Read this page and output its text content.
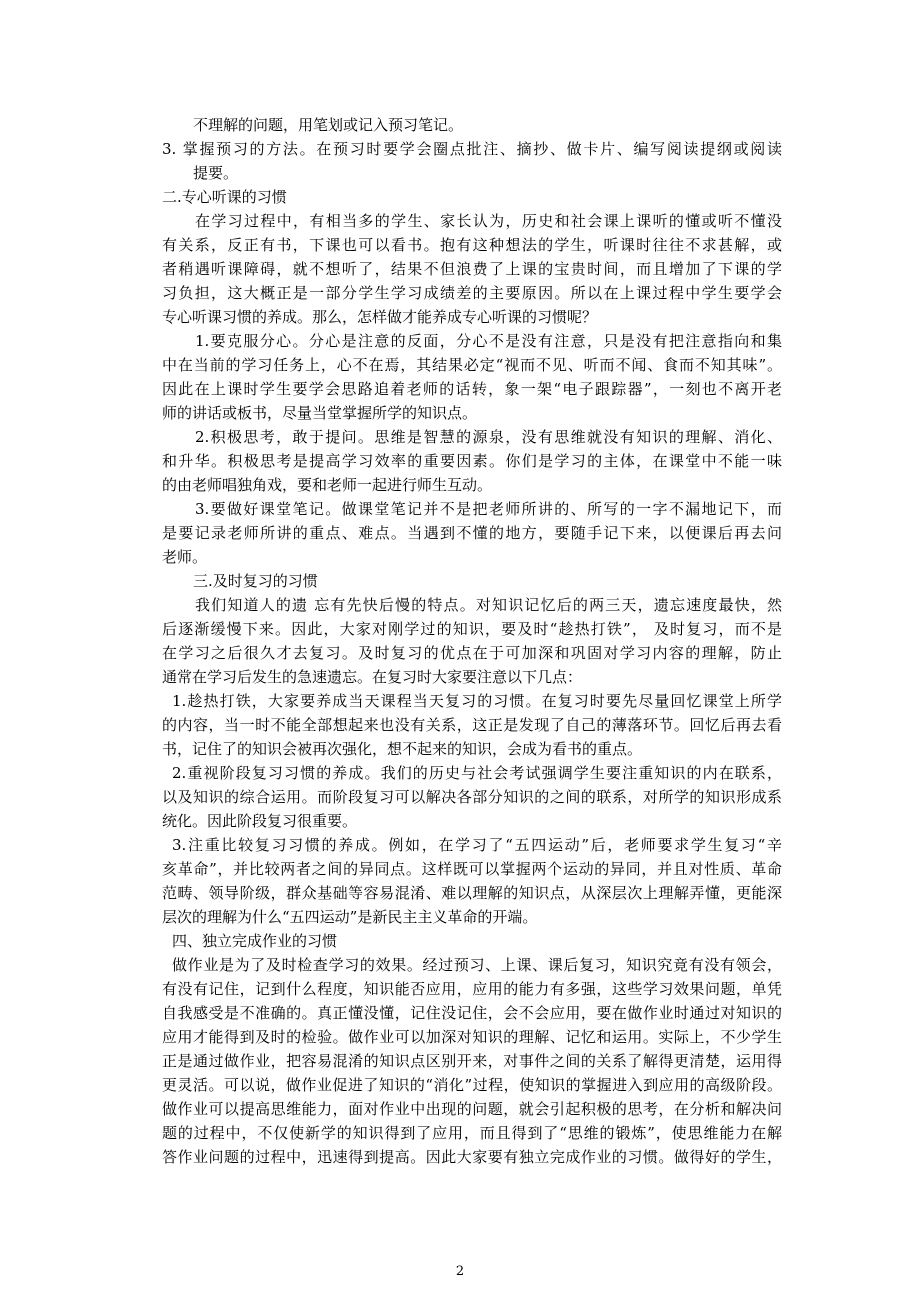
不理解的问题，用笔划或记入预习笔记。
3. 掌握预习的方法。在预习时要学会圈点批注、摘抄、做卡片、编写阅读提纲或阅读
提要。
二.专心听课的习惯
在学习过程中，有相当多的学生、家长认为，历史和社会课上课听的懂或听不懂没
有关系，反正有书，下课也可以看书。抱有这种想法的学生，听课时往往不求甚解，或
者稍遇听课障碍，就不想听了，结果不但浪费了上课的宝贵时间，而且增加了下课的学
习负担，这大概正是一部分学生学习成绩差的主要原因。所以在上课过程中学生要学会
专心听课习惯的养成。那么，怎样做才能养成专心听课的习惯呢？
1.要克服分心。分心是注意的反面，分心不是没有注意，只是没有把注意指向和集
中在当前的学习任务上，心不在焉，其结果必定“视而不见、听而不闻、食而不知其味”。
因此在上课时学生要学会思路追着老师的话转，象一架“电子跟踪器”，一刻也不离开老
师的讲话或板书，尽量当堂掌握所学的知识点。
2.积极思考，敢于提问。思维是智慧的源泉，没有思维就没有知识的理解、消化、
和升华。积极思考是提高学习效率的重要因素。你们是学习的主体，在课堂中不能一味
的由老师唱独角戏，要和老师一起进行师生互动。
3.要做好课堂笔记。做课堂笔记并不是把老师所讲的、所写的一字不漏地记下，而
是要记录老师所讲的重点、难点。当遇到不懂的地方，要随手记下来，以便课后再去问
老师。
三.及时复习的习惯
我们知道人的遗 忘有先快后慢的特点。对知识记忆后的两三天，遗忘速度最快，然
后逐渐缓慢下来。因此，大家对刚学过的知识，要及时“趁热打铁”， 及时复习，而不是
在学习之后很久才去复习。及时复习的优点在于可加深和巩固对学习内容的理解，防止
通常在学习后发生的急速遗忘。在复习时大家要注意以下几点：
1.趁热打铁，大家要养成当天课程当天复习的习惯。在复习时要先尽量回忆课堂上所学
的内容，当一时不能全部想起来也没有关系，这正是发现了自己的薄落环节。回忆后再去看
书，记住了的知识会被再次强化，想不起来的知识，会成为看书的重点。
2.重视阶段复习习惯的养成。我们的历史与社会考试强调学生要注重知识的内在联系，
以及知识的综合运用。而阶段复习可以解决各部分知识的之间的联系，对所学的知识形成系
统化。因此阶段复习很重要。
3.注重比较复习习惯的养成。例如，在学习了“五四运动”后，老师要求学生复习“辛
亥革命”，并比较两者之间的异同点。这样既可以掌握两个运动的异同，并且对性质、革命
范畴、领导阶级，群众基础等容易混淆、难以理解的知识点，从深层次上理解弄懂，更能深
层次的理解为什么“五四运动”是新民主主义革命的开端。
四、独立完成作业的习惯
做作业是为了及时检查学习的效果。经过预习、上课、课后复习，知识究竟有没有领会，
有没有记住，记到什么程度，知识能否应用，应用的能力有多强，这些学习效果问题，单凭
自我感受是不准确的。真正懂没懂，记住没记住，会不会应用，要在做作业时通过对知识的
应用才能得到及时的检验。做作业可以加深对知识的理解、记忆和运用。实际上，不少学生
正是通过做作业，把容易混淆的知识点区别开来，对事件之间的关系了解得更清楚，运用得
更灵活。可以说，做作业促进了知识的“消化”过程，使知识的掌握进入到应用的高级阶段。
做作业可以提高思维能力，面对作业中出现的问题，就会引起积极的思考，在分析和解决问
题的过程中，不仅使新学的知识得到了应用，而且得到了“思维的锻炼”，使思维能力在解
答作业问题的过程中，迅速得到提高。因此大家要有独立完成作业的习惯。做得好的学生，
2
